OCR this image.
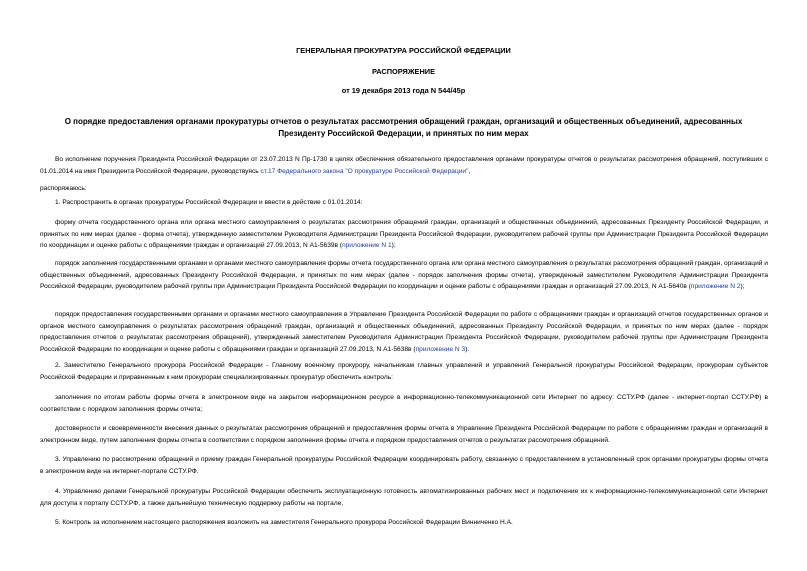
ГЕНЕРАЛЬНАЯ ПРОКУРАТУРА РОССИЙСКОЙ ФЕДЕРАЦИИ
РАСПОРЯЖЕНИЕ
от 19 декабря 2013 года N 544/45р
О порядке предоставления органами прокуратуры отчетов о результатах рассмотрения обращений граждан, организаций и общественных объединений, адресованных Президенту Российской Федерации, и принятых по ним мерах
Во исполнение поручения Президента Российской Федерации от 23.07.2013 N Пр-1730 в целях обеспечения обязательного предоставления органами прокуратуры отчетов о результатах рассмотрения обращений, поступивших с 01.01.2014 на имя Президента Российской Федерации, руководствуясь ст.17 Федерального закона "О прокуратуре Российской Федерации",
распоряжаюсь:
1. Распространить в органах прокуратуры Российской Федерации и ввести в действие с 01.01.2014:
форму отчета государственного органа или органа местного самоуправления о результатах рассмотрения обращений граждан, организаций и общественных объединений, адресованных Президенту Российской Федерации, и принятых по ним мерах (далее - форма отчета), утвержденную заместителем Руководителя Администрации Президента Российской Федерации, руководителем рабочей группы при Администрации Президента Российской Федерации по координации и оценке работы с обращениями граждан и организаций 27.09.2013, N А1-5639в (приложение N 1);
порядок заполнения государственными органами и органами местного самоуправления формы отчета государственного органа или органа местного самоуправления о результатах рассмотрения обращений граждан, организаций и общественных объединений, адресованных Президенту Российской Федерации, и принятых по ним мерах (далее - порядок заполнения формы отчета), утвержденный заместителем Руководителя Администрации Президента Российской Федерации, руководителем рабочей группы при Администрации Президента Российской Федерации по координации и оценке работы с обращениями граждан и организаций 27.09.2013, N А1-5640в (приложение N 2);
порядок предоставления государственными органами и органами местного самоуправления в Управление Президента Российской Федерации по работе с обращениями граждан и организаций отчетов государственных органов и органов местного самоуправления о результатах рассмотрения обращений граждан, организаций и общественных объединений, адресованных Президенту Российской Федерации, и принятых по ним мерах (далее - порядок предоставления отчетов о результатах рассмотрения обращений), утвержденный заместителем Руководителя Администрации Президента Российской Федерации, руководителем рабочей группы при Администрации Президента Российской Федерации по координации и оценке работы с обращениями граждан и организаций 27.09.2013, N А1-5638в (приложение N 3).
2. Заместителю Генерального прокурора Российской Федерации - Главному военному прокурору, начальникам главных управлений и управлений Генеральной прокуратуры Российской Федерации, прокурорам субъектов Российской Федерации и приравненным к ним прокурорам специализированных прокуратур обеспечить контроль:
заполнения по итогам работы формы отчета в электронном виде на закрытом информационном ресурсе в информационно-телекоммуникационной сети Интернет по адресу: ССТУ.РФ (далее - интернет-портал ССТУ.РФ) в соответствии с порядком заполнения формы отчета;
достоверности и своевременности внесения данных о результатах рассмотрения обращений и предоставления формы отчета в Управление Президента Российской Федерации по работе с обращениями граждан и организаций в электронном виде, путем заполнения формы отчета в соответствии с порядком заполнения формы отчета и порядком предоставления отчетов о результатах рассмотрения обращений.
3. Управлению по рассмотрению обращений и приему граждан Генеральной прокуратуры Российской Федерации координировать работу, связанную с предоставлением в установленный срок органами прокуратуры формы отчета в электронном виде на интернет-портале ССТУ.РФ.
4. Управлению делами Генеральной прокуратуры Российской Федерации обеспечить эксплуатационную готовность автоматизированных рабочих мест и подключение их к информационно-телекоммуникационной сети Интернет для доступа к порталу ССТУ.РФ, а также дальнейшую техническую поддержку работы на портале.
5. Контроль за исполнением настоящего распоряжения возложить на заместителя Генерального прокурора Российской Федерации Винниченко Н.А.
